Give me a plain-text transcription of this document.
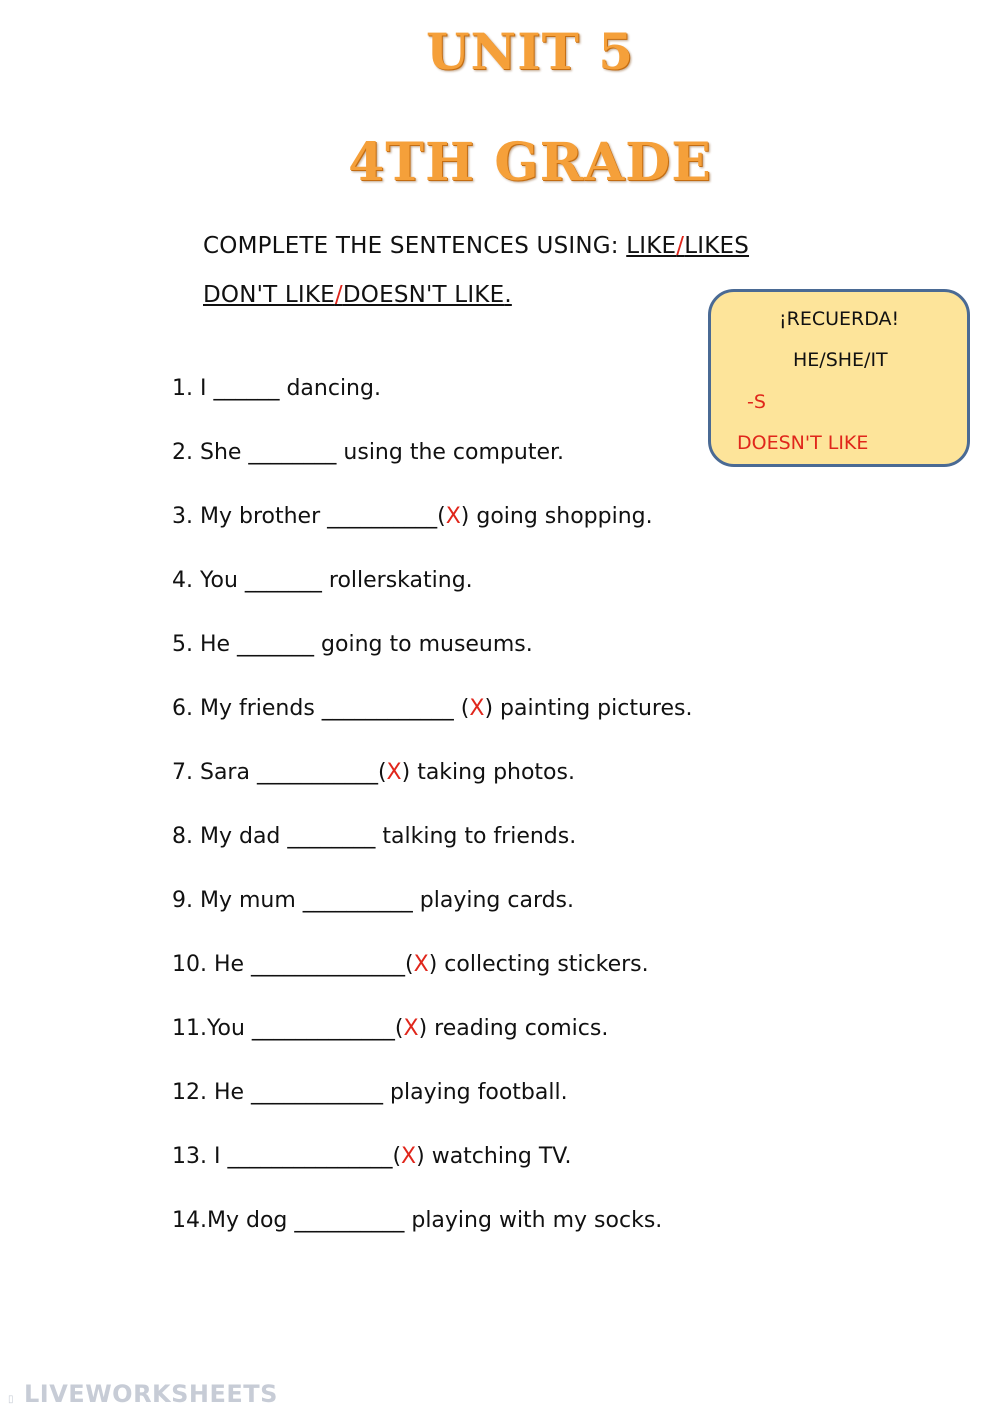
UNIT 5
4TH GRADE
COMPLETE THE SENTENCES USING: LIKE/LIKES
DON'T LIKE/DOESN'T LIKE.
¡RECUERDA!
HE/SHE/IT
-S
DOESN'T LIKE
1. I ______ dancing.
2. She ________ using the computer.
3. My brother __________(X) going shopping.
4. You _______ rollerskating.
5. He _______ going to museums.
6. My friends ____________ (X) painting pictures.
7. Sara ___________(X) taking photos.
8. My dad ________ talking to friends.
9. My mum __________ playing cards.
10. He ______________(X) collecting stickers.
11.You _____________(X) reading comics.
12. He ____________ playing football.
13. I _______________(X) watching TV.
14.My dog __________ playing with my socks.
▯ LIVEWORKSHEETS
